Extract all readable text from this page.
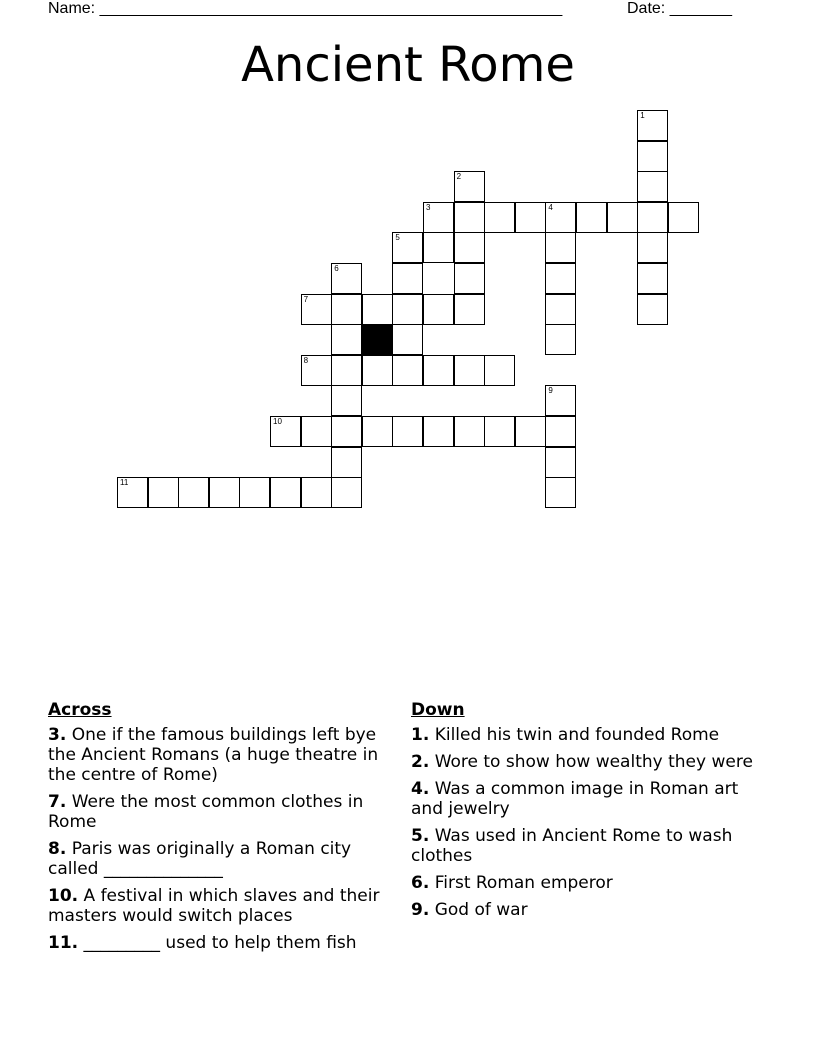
Name: ____________________________________________________	Date: _______
Ancient Rome
1
2
3	4
5
6
7
8
9
10
11
Across
3. One if the famous buildings left bye the Ancient Romans (a huge theatre in the centre of Rome)
7. Were the most common clothes in Rome
8. Paris was originally a Roman city called ______________
10. A festival in which slaves and their masters would switch places
11. _________ used to help them fish
Down
1. Killed his twin and founded Rome
2. Wore to show how wealthy they were
4. Was a common image in Roman art and jewelry
5. Was used in Ancient Rome to wash clothes
6. First Roman emperor
9. God of war
